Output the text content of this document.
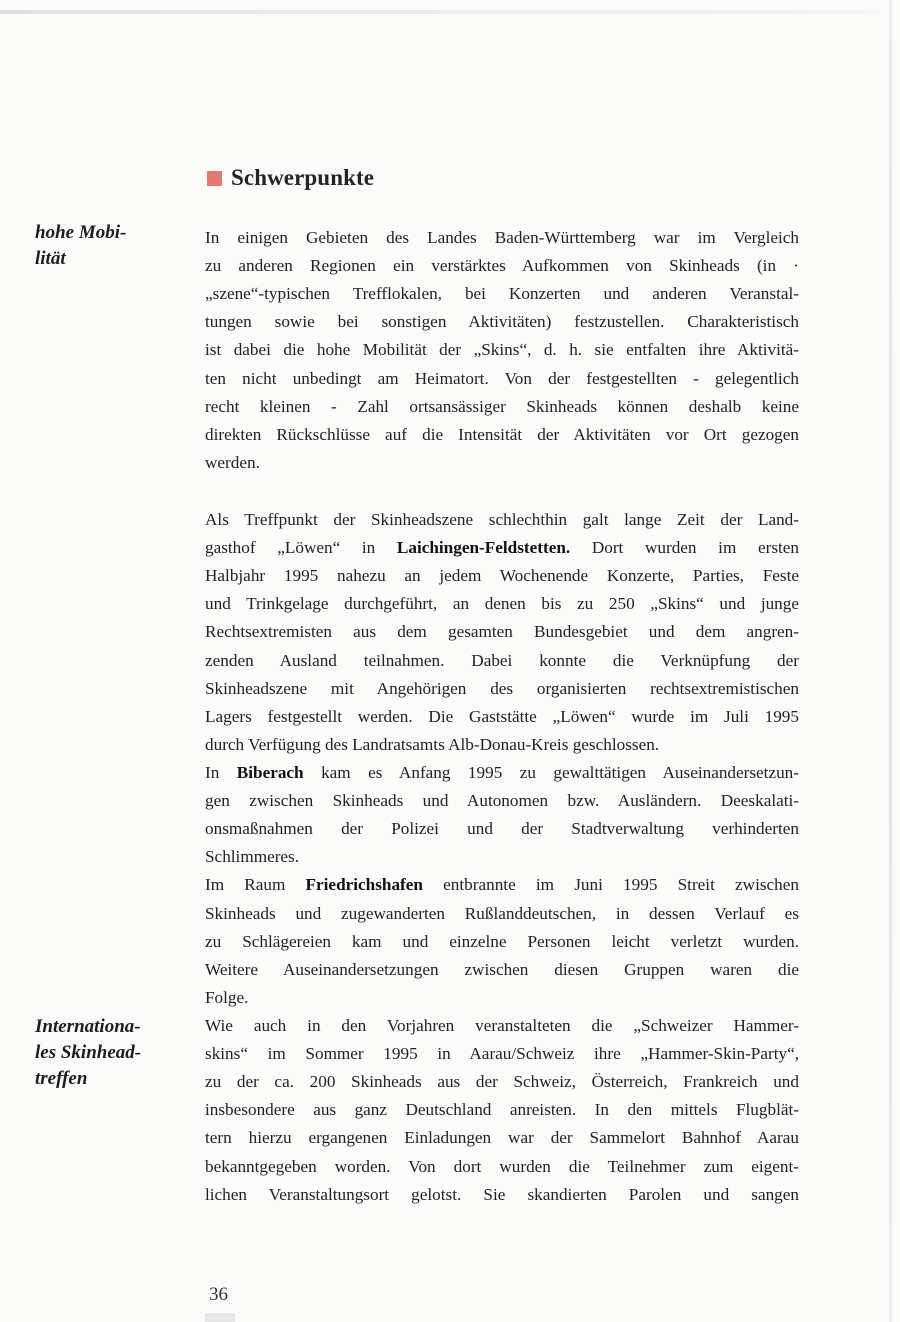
Schwerpunkte
hohe Mobi-
lität
Internationa-
les Skinhead-
treffen
In einigen Gebieten des Landes Baden-Württemberg war im Vergleich
zu anderen Regionen ein verstärktes Aufkommen von Skinheads (in ·
„szene“-typischen Trefflokalen, bei Konzerten und anderen Veranstal-
tungen sowie bei sonstigen Aktivitäten) festzustellen. Charakteristisch
ist dabei die hohe Mobilität der „Skins“, d. h. sie entfalten ihre Aktivitä-
ten nicht unbedingt am Heimatort. Von der festgestellten - gelegentlich
recht kleinen - Zahl ortsansässiger Skinheads können deshalb keine
direkten Rückschlüsse auf die Intensität der Aktivitäten vor Ort gezogen
werden.
Als Treffpunkt der Skinheadszene schlechthin galt lange Zeit der Land-
gasthof „Löwen“ in Laichingen-Feldstetten. Dort wurden im ersten
Halbjahr 1995 nahezu an jedem Wochenende Konzerte, Parties, Feste
und Trinkgelage durchgeführt, an denen bis zu 250 „Skins“ und junge
Rechtsextremisten aus dem gesamten Bundesgebiet und dem angren-
zenden Ausland teilnahmen. Dabei konnte die Verknüpfung der
Skinheadszene mit Angehörigen des organisierten rechtsextremistischen
Lagers festgestellt werden. Die Gaststätte „Löwen“ wurde im Juli 1995
durch Verfügung des Landratsamts Alb-Donau-Kreis geschlossen.
In Biberach kam es Anfang 1995 zu gewalttätigen Auseinandersetzun-
gen zwischen Skinheads und Autonomen bzw. Ausländern. Deeskalati-
onsmaßnahmen der Polizei und der Stadtverwaltung verhinderten
Schlimmeres.
Im Raum Friedrichshafen entbrannte im Juni 1995 Streit zwischen
Skinheads und zugewanderten Rußlanddeutschen, in dessen Verlauf es
zu Schlägereien kam und einzelne Personen leicht verletzt wurden.
Weitere Auseinandersetzungen zwischen diesen Gruppen waren die
Folge.
Wie auch in den Vorjahren veranstalteten die „Schweizer Hammer-
skins“ im Sommer 1995 in Aarau/Schweiz ihre „Hammer-Skin-Party“,
zu der ca. 200 Skinheads aus der Schweiz, Österreich, Frankreich und
insbesondere aus ganz Deutschland anreisten. In den mittels Flugblät-
tern hierzu ergangenen Einladungen war der Sammelort Bahnhof Aarau
bekanntgegeben worden. Von dort wurden die Teilnehmer zum eigent-
lichen Veranstaltungsort gelotst. Sie skandierten Parolen und sangen
36
